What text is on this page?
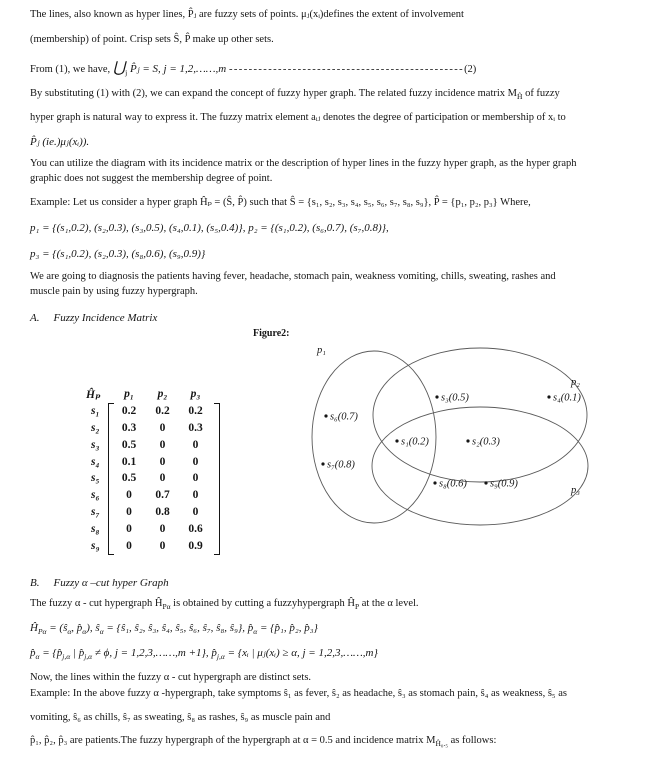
The lines, also known as hyper lines, P̂ⱼ are fuzzy sets of points. μⱼ(xᵢ)defines the extent of involvement
(membership) of point. Crisp sets Ŝ, P̂ make up other sets.
From (1), we have, $⋃_j$ P̂ⱼ = S, j = 1,2,……,m ------------------------------------------------(2)
By substituting (1) with (2), we can expand the concept of fuzzy hyper graph. The related fuzzy incidence matrix $M_Ĥ$ of fuzzy
hyper graph is natural way to express it. The fuzzy matrix element aᵢⱼ denotes the degree of participation or membership of xᵢ to
P̂ⱼ (ie.)μⱼ(xᵢ)).
You can utilize the diagram with its incidence matrix or the description of hyper lines in the fuzzy hyper graph, as the hyper graph
graphic does not suggest the membership degree of point.
Example: Let us consider a hyper graph Ĥₚ = (Ŝ, P̂) such that Ŝ = {s₁, s₂, s₃, s₄, s₅, s₆, s₇, s₈, s₉}, P̂ = {p₁, p₂, p₃} Where,
p₁ = {(s₁,0.2), (s₂,0.3), (s₃,0.5), (s₄,0.1), (s₅,0.4)}, p₂ = {(s₁,0.2), (s₆,0.7), (s₇,0.8)},
p₃ = {(s₁,0.2), (s₂,0.3), (s₈,0.6), (s₉,0.9)}
We are going to diagnosis the patients having fever, headache, stomach pain, weakness vomiting, chills, sweating, rashes and
muscle pain by using fuzzy hypergraph.
A. Fuzzy Incidence Matrix
Figure2:
Ĥₚ	p₁	p₂	p₃
s₁	0.2	0.2	0.2
s₂	0.3	0	0.3
s₃	0.5	0	0
s₄	0.1	0	0
s₅	0.5	0	0
s₆	0	0.7	0
s₇	0	0.8	0
s₈	0	0	0.6
s₉	0	0	0.9
p₁
p₂
p₃
s₆(0.7)
s₃(0.5)	s₄(0.1)
s₁(0.2)	s₂(0.3)
s₇(0.8)
s₈(0.6) s₉(0.9)
B. Fuzzy α –cut hyper Graph
The fuzzy α - cut hypergraph $Ĥ_{P\alpha}$ is obtained by cutting a fuzzyhypergraph $Ĥ_P$ at the α level.
$Ĥ_{P\alpha}$ = ($ŝ_\alpha$, $p̂_\alpha$), $ŝ_\alpha$ = {ŝ₁, ŝ₂, ŝ₃, ŝ₄, ŝ₅, ŝ₆, ŝ₇, ŝ₈, ŝ₉}, $p̂_\alpha$ = {p̂₁, p̂₂, p̂₃}
$p̂_\alpha$ = {$p̂_{j,\alpha}$ | $p̂_{j,\alpha} \ne \phi$, j = 1,2,3,……,m +1}, $p̂_{j,\alpha}$ = {xᵢ | μⱼ(xᵢ) ≥ α, j = 1,2,3,……,m}
Now, the lines within the fuzzy α - cut hypergraph are distinct sets.
Example: In the above fuzzy α -hypergraph, take symptoms ŝ₁ as fever, ŝ₂ as headache, ŝ₃ as stomach pain, ŝ₄ as weakness, ŝ₅ as
vomiting, ŝ₆ as chills, ŝ₇ as sweating, ŝ₈ as rashes, ŝ₉ as muscle pain and
p̂₁, p̂₂, p̂₃ are patients.The fuzzy hypergraph of the hypergraph at α = 0.5 and incidence matrix $M_{Ĥ_0._5}$ as follows:
